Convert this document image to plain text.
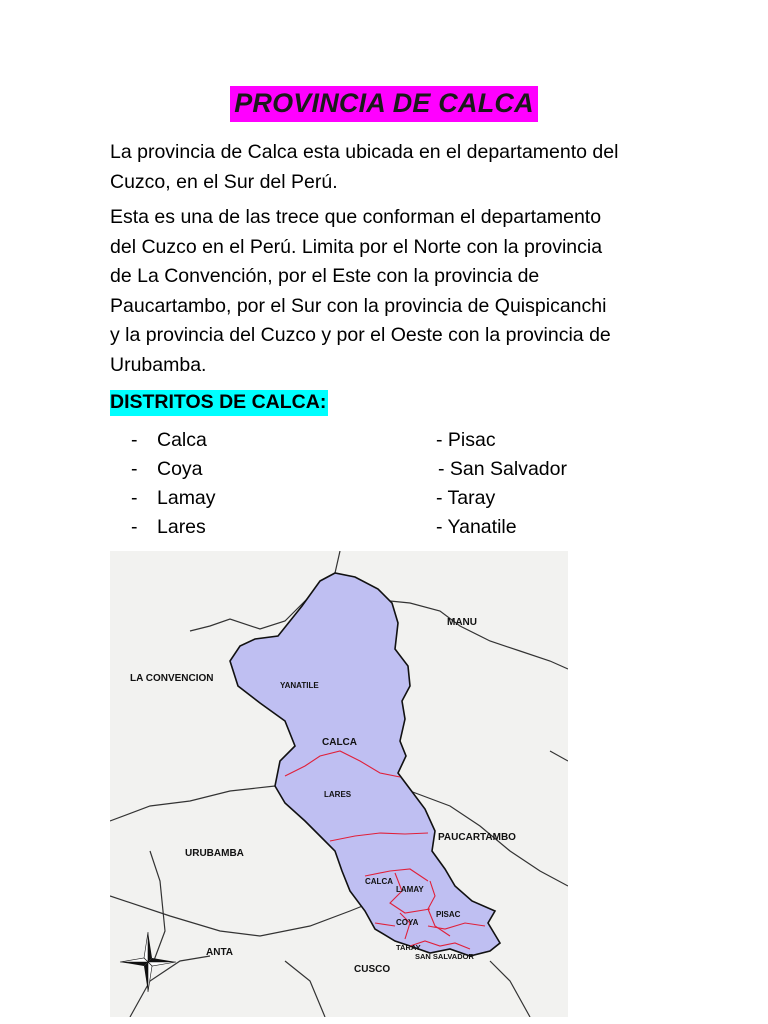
PROVINCIA DE CALCA

La provincia de Calca esta ubicada en el departamento del
Cuzco, en el Sur del Perú.

Esta es una de las trece que conforman el departamento
del Cuzco en el Perú. Limita por el Norte con la provincia
de La Convención, por el Este con la provincia de
Paucartambo, por el Sur con la provincia de Quispicanchi
y la provincia del Cuzco y por el Oeste con la provincia de
Urubamba.

DISTRITOS DE CALCA:
- Calca
- Coya
- Lamay
- Lares
- Pisac
- San Salvador
- Taray
- Yanatile
MANU
LA CONVENCION
PAUCARTAMBO
URUBAMBA
ANTA
CUSCO
YANATILE
CALCA
LARES
CALCA
LAMAY
PISAC
COYA
TARAY
SAN SALVADOR
